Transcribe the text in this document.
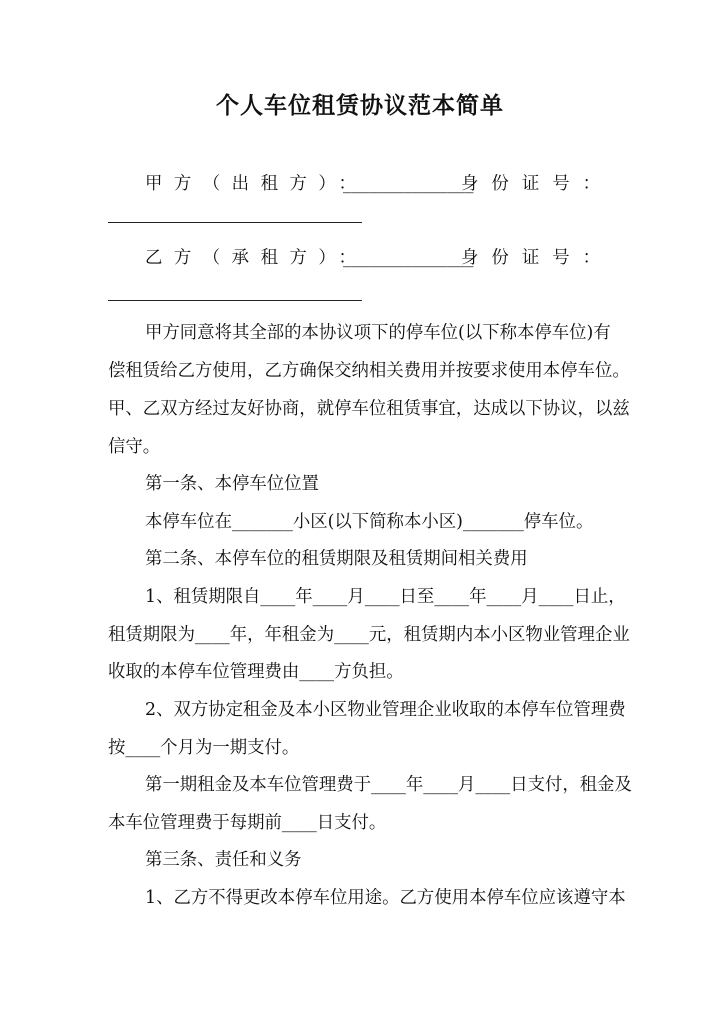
个人车位租赁协议范本简单
甲方（出租方）：
_______________
身份证号：
乙方（承租方）：
_______________
身份证号：
甲方同意将其全部的本协议项下的停车位(以下称本停车位)有
偿租赁给乙方使用，乙方确保交纳相关费用并按要求使用本停车位。
甲、乙双方经过友好协商，就停车位租赁事宜，达成以下协议，以兹
信守。
第一条、本停车位位置
本停车位在_______小区(以下简称本小区)_______停车位。
第二条、本停车位的租赁期限及租赁期间相关费用
1、租赁期限自____年____月____日至____年____月____日止，
租赁期限为____年，年租金为____元，租赁期内本小区物业管理企业
收取的本停车位管理费由____方负担。
2、双方协定租金及本小区物业管理企业收取的本停车位管理费
按____个月为一期支付。
第一期租金及本车位管理费于____年____月____日支付，租金及
本车位管理费于每期前____日支付。
第三条、责任和义务
1、乙方不得更改本停车位用途。乙方使用本停车位应该遵守本
